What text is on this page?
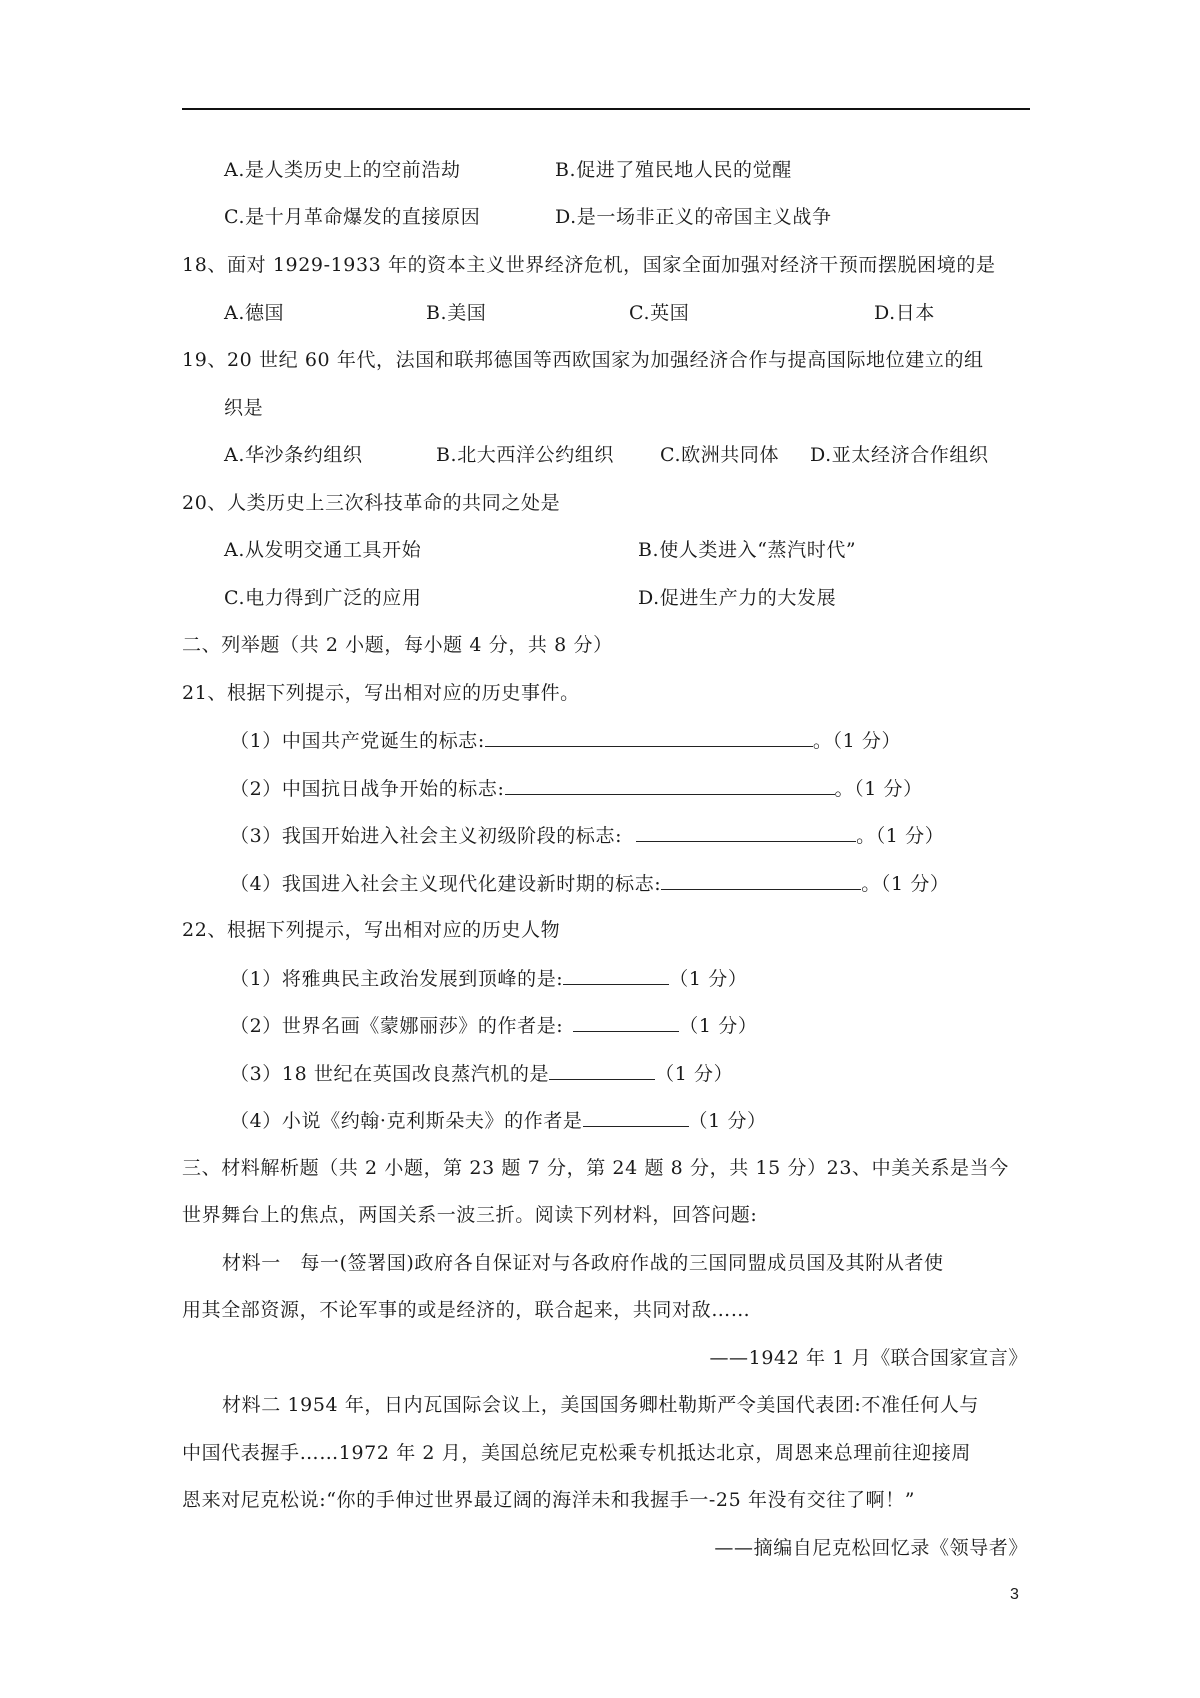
A.是人类历史上的空前浩劫	B.促进了殖民地人民的觉醒
C.是十月革命爆发的直接原因	D.是一场非正义的帝国主义战争
18、面对 1929-1933 年的资本主义世界经济危机，国家全面加强对经济干预而摆脱困境的是
A.德国	B.美国	C.英国	D.日本
19、20 世纪 60 年代，法国和联邦德国等西欧国家为加强经济合作与提高国际地位建立的组
织是
A.华沙条约组织	B.北大西洋公约组织 C.欧洲共同体 D.亚太经济合作组织
20、人类历史上三次科技革命的共同之处是
A.从发明交通工具开始	B.使人类进入“蒸汽时代”
C.电力得到广泛的应用	D.促进生产力的大发展
二、列举题（共 2 小题，每小题 4 分，共 8 分）
21、根据下列提示，写出相对应的历史事件。
（1）中国共产党诞生的标志:	。（1 分）
（2）中国抗日战争开始的标志:	。（1 分）
（3）我国开始进入社会主义初级阶段的标志:	。（1 分）
（4）我国进入社会主义现代化建设新时期的标志:	。（1 分）
22、根据下列提示，写出相对应的历史人物
（1）将雅典民主政治发展到顶峰的是:	（1 分）
（2）世界名画《蒙娜丽莎》的作者是:	（1 分）
（3）18 世纪在英国改良蒸汽机的是	（1 分）
（4）小说《约翰·克利斯朵夫》的作者是	（1 分）
三、材料解析题（共 2 小题，第 23 题 7 分，第 24 题 8 分，共 15 分）23、中美关系是当今
世界舞台上的焦点，两国关系一波三折。阅读下列材料，回答问题:
材料一　每一(签署国)政府各自保证对与各政府作战的三国同盟成员国及其附从者使
用其全部资源，不论军事的或是经济的，联合起来，共同对敌……
——1942 年 1 月《联合国家宣言》
材料二 1954 年，日内瓦国际会议上，美国国务卿杜勒斯严令美国代表团:不准任何人与
中国代表握手……1972 年 2 月，美国总统尼克松乘专机抵达北京，周恩来总理前往迎接周
恩来对尼克松说:“你的手伸过世界最辽阔的海洋未和我握手一-25 年没有交往了啊！”
——摘编自尼克松回忆录《领导者》
3
